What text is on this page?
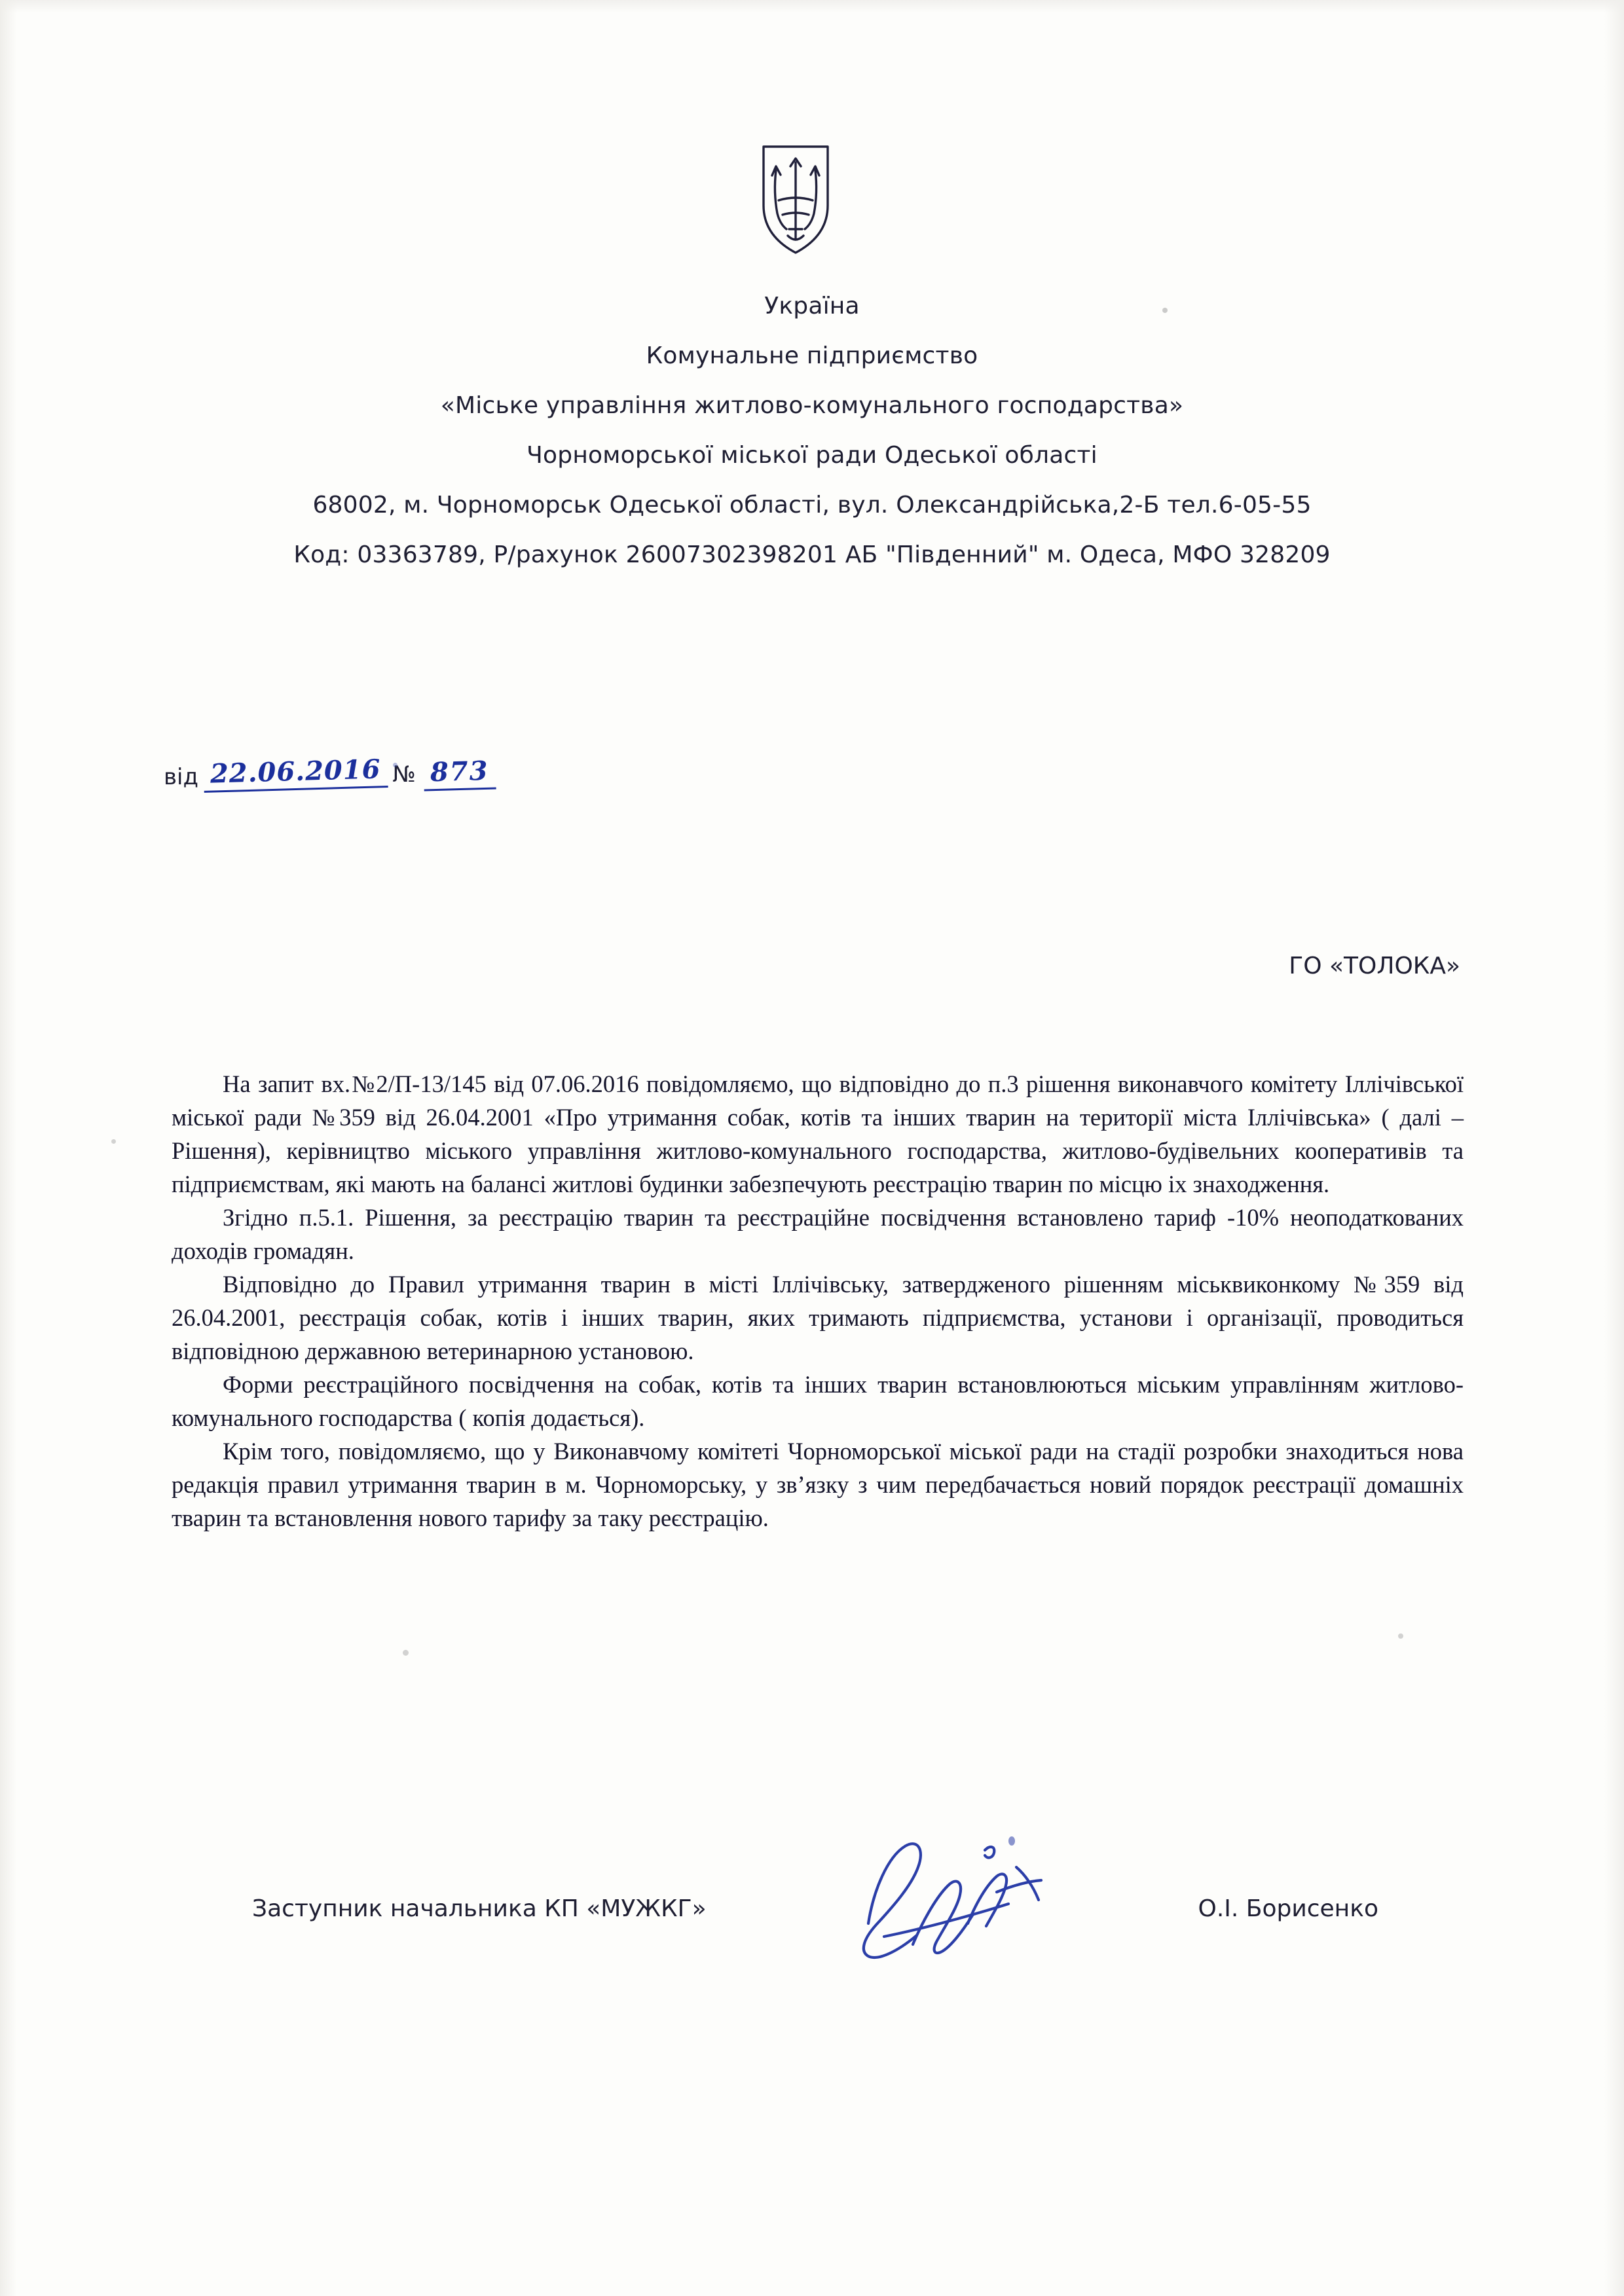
Україна
Комунальне підприємство
«Міське управління житлово-комунального господарства»
Чорноморської міської ради Одеської області
68002, м. Чорноморськ Одеської області, вул. Олександрійська,2-Б тел.6-05-55
Код: 03363789, Р/рахунок 26007302398201 АБ "Південний" м. Одеса, МФО 328209
від 22.06.2016 № 873
ГО «ТОЛОКА»

На запит вх.№2/П-13/145 від 07.06.2016 повідомляємо, що відповідно до п.3 рішення виконавчого комітету Іллічівської міської ради №359 від 26.04.2001 «Про утримання собак, котів та інших тварин на території міста Іллічівська» ( далі – Рішення), керівництво міського управління житлово-комунального господарства, житлово-будівельних кооперативів та підприємствам, які мають на балансі житлові будинки забезпечують реєстрацію тварин по місцю іх знаходження.

Згідно п.5.1. Рішення, за реєстрацію тварин та реєстраційне посвідчення встановлено тариф -10% неоподаткованих доходів громадян.

Відповідно до Правил утримання тварин в місті Іллічівську, затвердженого рішенням міськвиконкому №359 від 26.04.2001, реєстрація собак, котів і інших тварин, яких тримають підприємства, установи і організації, проводиться відповідною державною ветеринарною установою.

Форми реєстраційного посвідчення на собак, котів та інших тварин встановлюються міським управлінням житлово-комунального господарства ( копія додається).

Крім того, повідомляємо, що у Виконавчому комітеті Чорноморської міської ради на стадії розробки знаходиться нова редакція правил утримання тварин в м. Чорноморську, у зв’язку з чим передбачається новий порядок реєстрації домашніх тварин та встановлення нового тарифу за таку реєстрацію.

Заступник начальника КП «МУЖКГ»	О.І. Борисенко
